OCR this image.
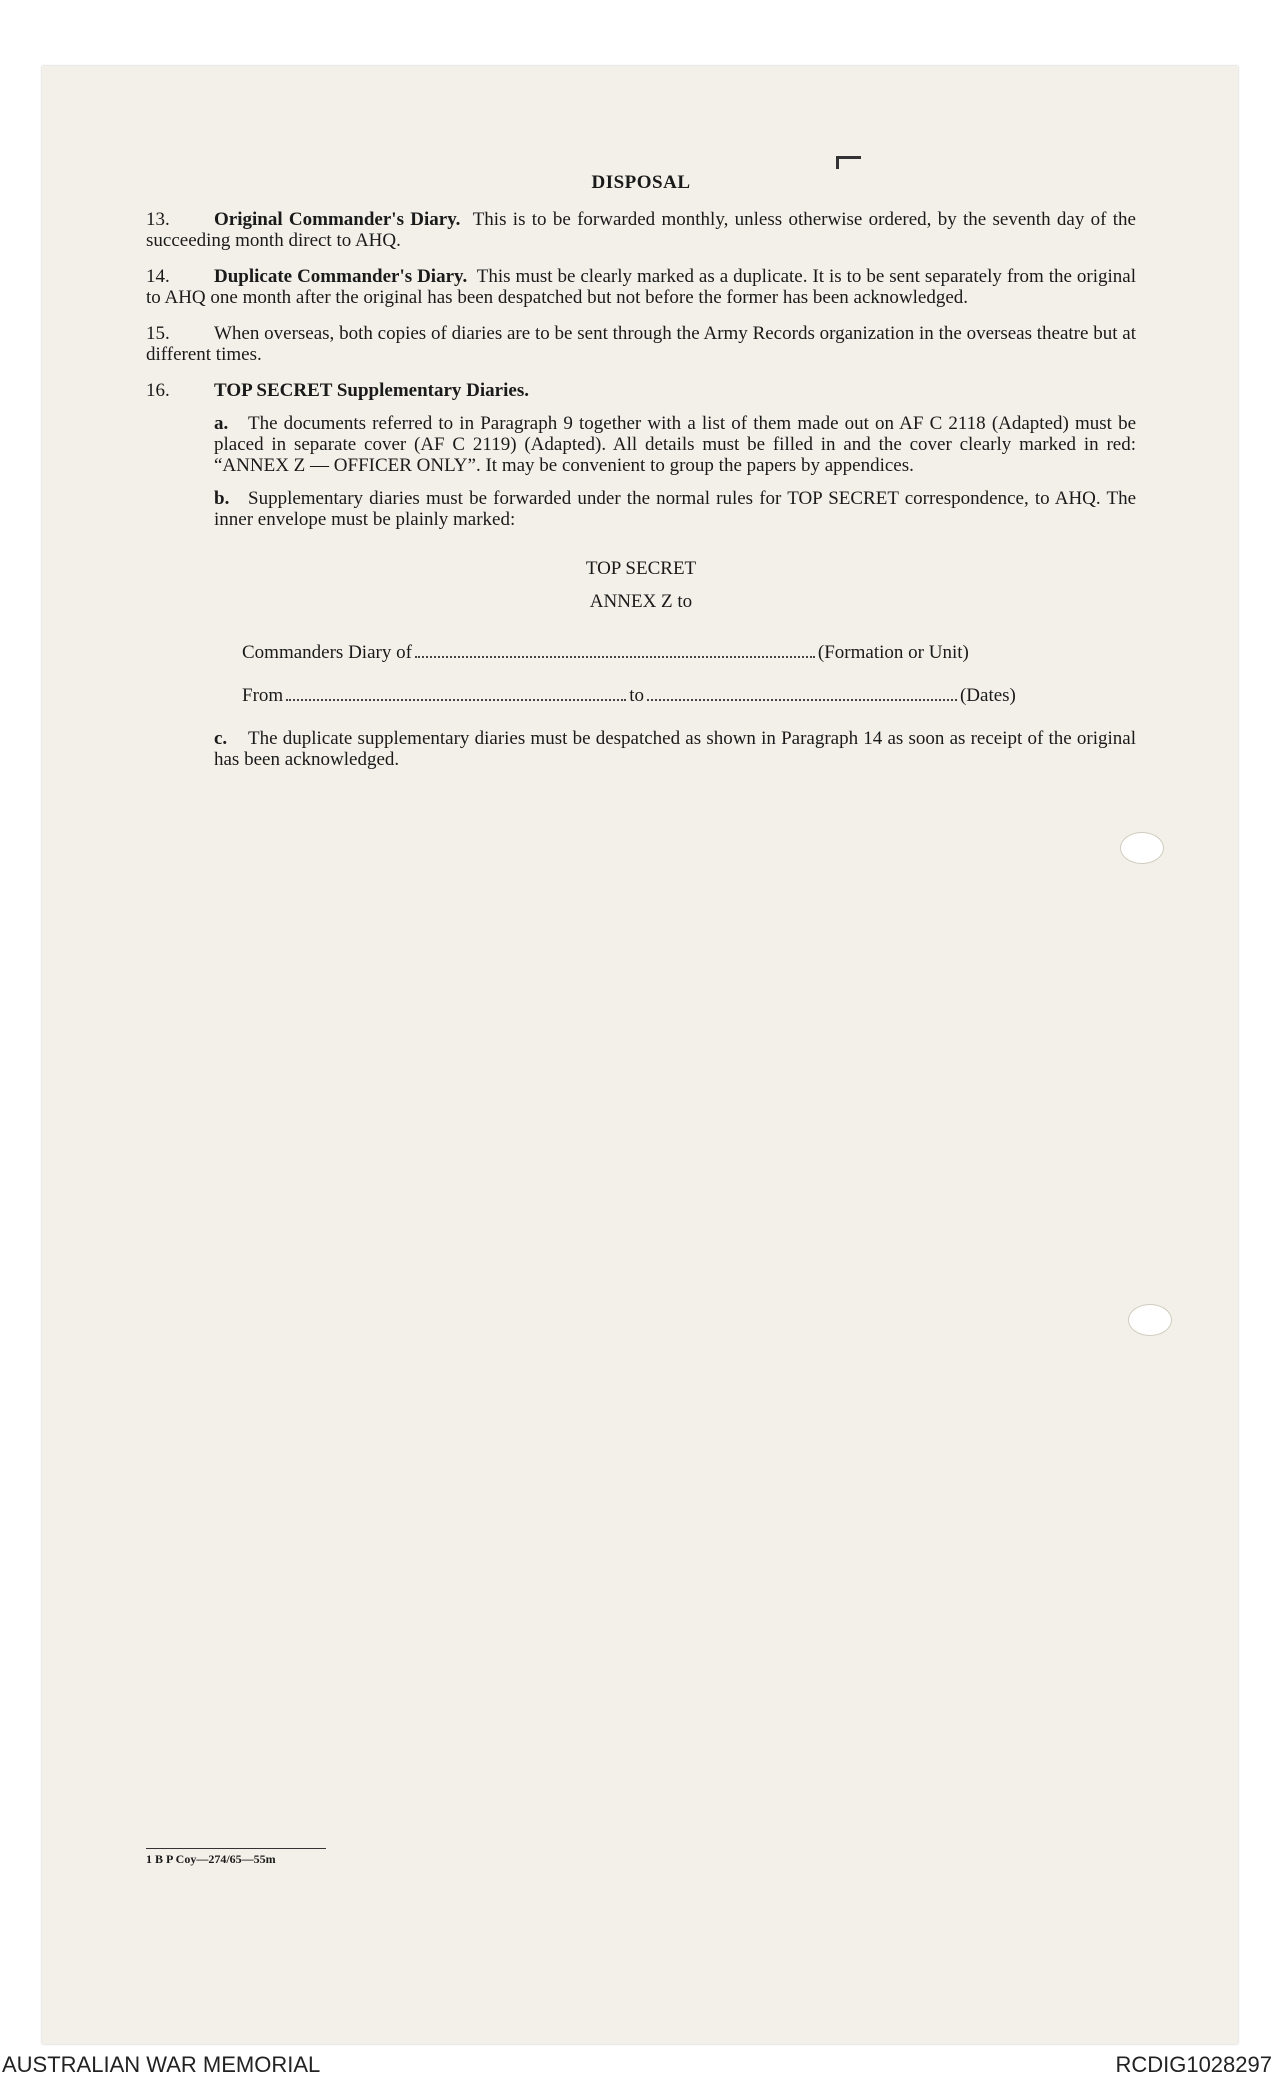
DISPOSAL
13. Original Commander's Diary. This is to be forwarded monthly, unless otherwise ordered, by the seventh day of the succeeding month direct to AHQ.
14. Duplicate Commander's Diary. This must be clearly marked as a duplicate. It is to be sent separately from the original to AHQ one month after the original has been despatched but not before the former has been acknowledged.
15. When overseas, both copies of diaries are to be sent through the Army Records organization in the overseas theatre but at different times.
16. TOP SECRET Supplementary Diaries.
a. The documents referred to in Paragraph 9 together with a list of them made out on AF C 2118 (Adapted) must be placed in separate cover (AF C 2119) (Adapted). All details must be filled in and the cover clearly marked in red: “ANNEX Z — OFFICER ONLY”. It may be convenient to group the papers by appendices.
b. Supplementary diaries must be forwarded under the normal rules for TOP SECRET correspondence, to AHQ. The inner envelope must be plainly marked:
TOP SECRET
ANNEX Z to
Commanders Diary of	(Formation or Unit)
From	to	(Dates)
c. The duplicate supplementary diaries must be despatched as shown in Paragraph 14 as soon as receipt of the original has been acknowledged.
1 B P Coy—274/65—55m
AUSTRALIAN WAR MEMORIAL	RCDIG1028297
